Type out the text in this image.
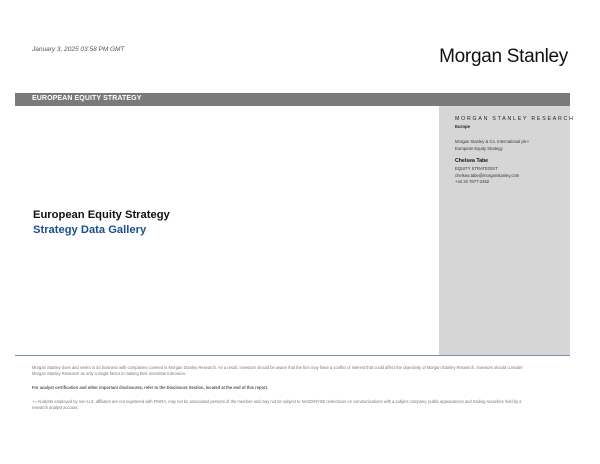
January 3, 2025 03:58 PM GMT	Morgan Stanley
EUROPEAN EQUITY STRATEGY
MORGAN STANLEY RESEARCH
Europe
Morgan Stanley & Co. International plc+
European Equity Strategy
Chelsea Tabe
EQUITY STRATEGIST
chelsea.tabe@morganstanley.com
+44 20 7677-2452
European Equity Strategy
Strategy Data Gallery
Morgan Stanley does and seeks to do business with companies covered in Morgan Stanley Research. As a result, investors should be aware that the firm may have a conflict of interest that could affect the objectivity of Morgan Stanley Research. Investors should consider Morgan Stanley Research as only a single factor in making their investment decision.
For analyst certification and other important disclosures, refer to the Disclosure Section, located at the end of this report.
+= Analysts employed by non-U.S. affiliates are not registered with FINRA, may not be associated persons of the member and may not be subject to NASD/NYSE restrictions on communications with a subject company, public appearances and trading securities held by a research analyst account.
